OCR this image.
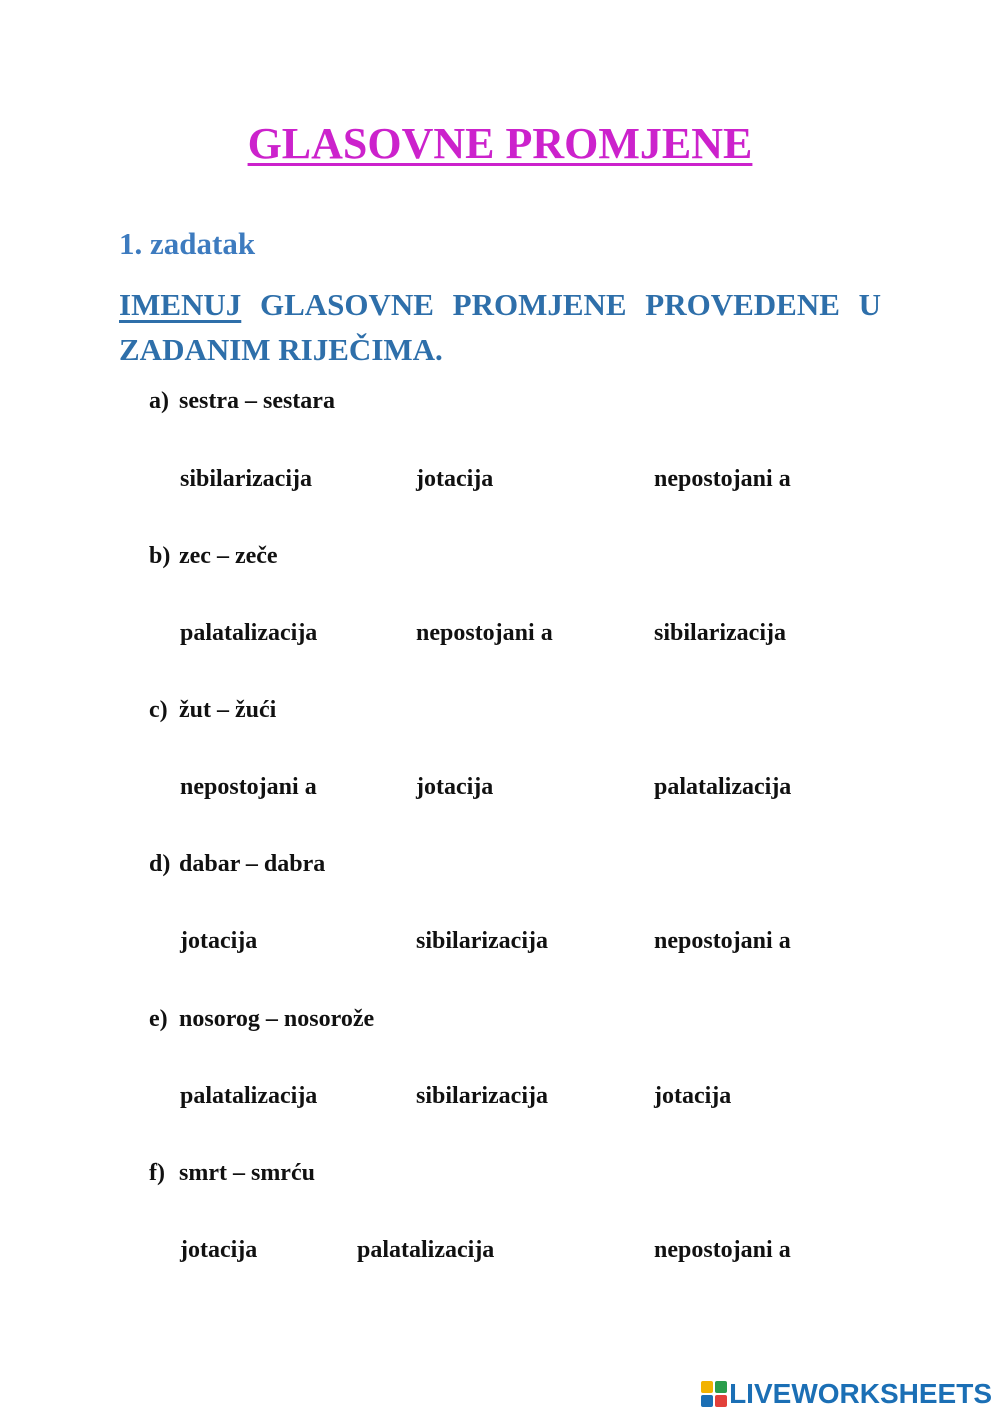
GLASOVNE PROMJENE
1. zadatak
IMENUJ GLASOVNE PROMJENE PROVEDENE U ZADANIM RIJEČIMA.
a) sestra – sestara
sibilarizacija	jotacija	nepostojani a
b) zec – zeče
palatalizacija	nepostojani a	sibilarizacija
c) žut – žući
nepostojani a	jotacija	palatalizacija
d) dabar – dabra
jotacija	sibilarizacija	nepostojani a
e) nosorog – nosorože
palatalizacija	sibilarizacija	jotacija
f) smrt – smrću
jotacija	palatalizacija	nepostojani a
LIVEWORKSHEETS
